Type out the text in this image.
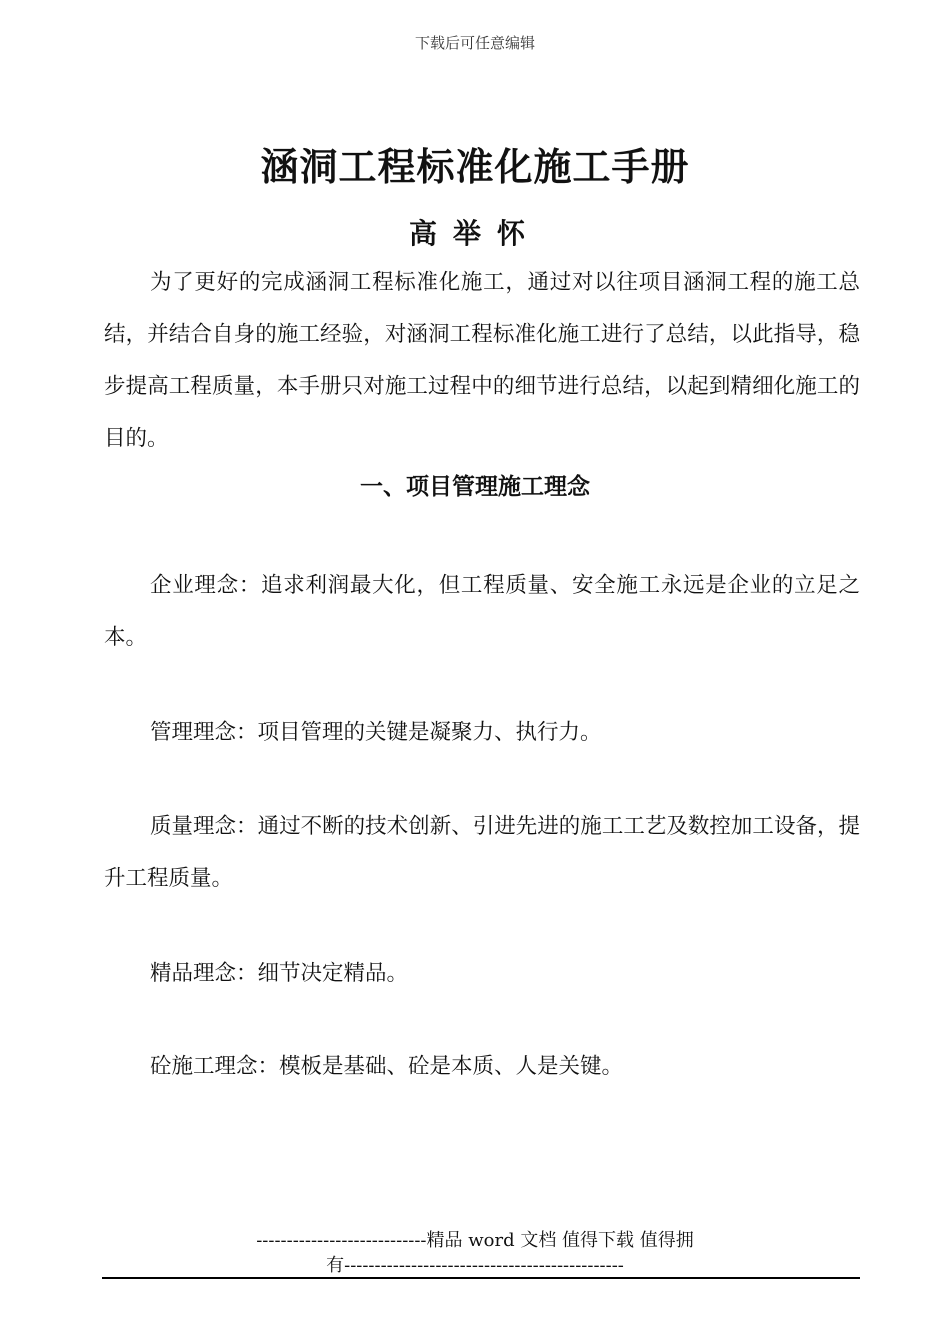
下载后可任意编辑
涵洞工程标准化施工手册
高举怀

为了更好的完成涵洞工程标准化施工，通过对以往项目涵洞工程的施工总结，并结合自身的施工经验，对涵洞工程标准化施工进行了总结，以此指导，稳步提高工程质量，本手册只对施工过程中的细节进行总结，以起到精细化施工的目的。

一、项目管理施工理念

企业理念：追求利润最大化，但工程质量、安全施工永远是企业的立足之本。

管理理念：项目管理的关键是凝聚力、执行力。

质量理念：通过不断的技术创新、引进先进的施工工艺及数控加工设备，提升工程质量。

精品理念：细节决定精品。

砼施工理念：模板是基础、砼是本质、人是关键。

----------------------------精品 word 文档 值得下载 值得拥
有----------------------------------------------
